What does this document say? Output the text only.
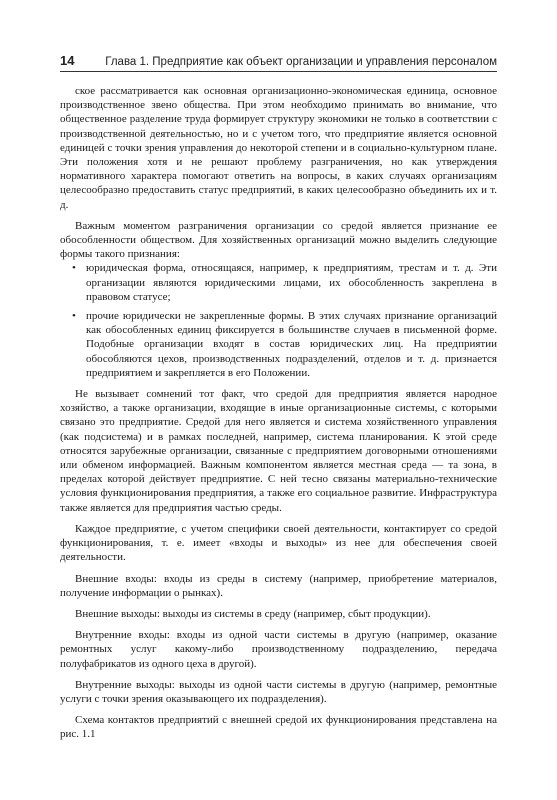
14	Глава 1. Предприятие как объект организации и управления персоналом

ское рассматривается как основная организационно-экономическая единица, основное производственное звено общества. При этом необходимо принимать во внимание, что общественное разделение труда формирует структуру экономики не только в соответствии с производственной деятельностью, но и с учетом того, что предприятие является основной единицей с точки зрения управления до некоторой степени и в социально-культурном плане. Эти положения хотя и не решают проблему разграничения, но как утверждения нормативного характера помогают ответить на вопросы, в каких случаях организациям целесообразно предоставить статус предприятий, в каких целесообразно объединить их и т. д.

Важным моментом разграничения организации со средой является признание ее обособленности обществом. Для хозяйственных организаций можно выделить следующие формы такого признания:

• юридическая форма, относящаяся, например, к предприятиям, трестам и т. д. Эти организации являются юридическими лицами, их обособленность закреплена в правовом статусе;
• прочие юридически не закрепленные формы. В этих случаях признание организаций как обособленных единиц фиксируется в большинстве случаев в письменной форме. Подобные организации входят в состав юридических лиц. На предприятии обособляются цехов, производственных подразделений, отделов и т. д. признается предприятием и закрепляется в его Положении.

Не вызывает сомнений тот факт, что средой для предприятия является народное хозяйство, а также организации, входящие в иные организационные системы, с которыми связано это предприятие. Средой для него является и система хозяйственного управления (как подсистема) и в рамках последней, например, система планирования. К этой среде относятся зарубежные организации, связанные с предприятием договорными отношениями или обменом информацией. Важным компонентом является местная среда — та зона, в пределах которой действует предприятие. С ней тесно связаны материально-технические условия функционирования предприятия, а также его социальное развитие. Инфраструктура также является для предприятия частью среды.

Каждое предприятие, с учетом специфики своей деятельности, контактирует со средой функционирования, т. е. имеет «входы и выходы» из нее для обеспечения своей деятельности.

Внешние входы: входы из среды в систему (например, приобретение материалов, получение информации о рынках).

Внешние выходы: выходы из системы в среду (например, сбыт продукции).

Внутренние входы: входы из одной части системы в другую (например, оказание ремонтных услуг какому-либо производственному подразделению, передача полуфабрикатов из одного цеха в другой).

Внутренние выходы: выходы из одной части системы в другую (например, ремонтные услуги с точки зрения оказывающего их подразделения).

Схема контактов предприятий с внешней средой их функционирования представлена на рис. 1.1
